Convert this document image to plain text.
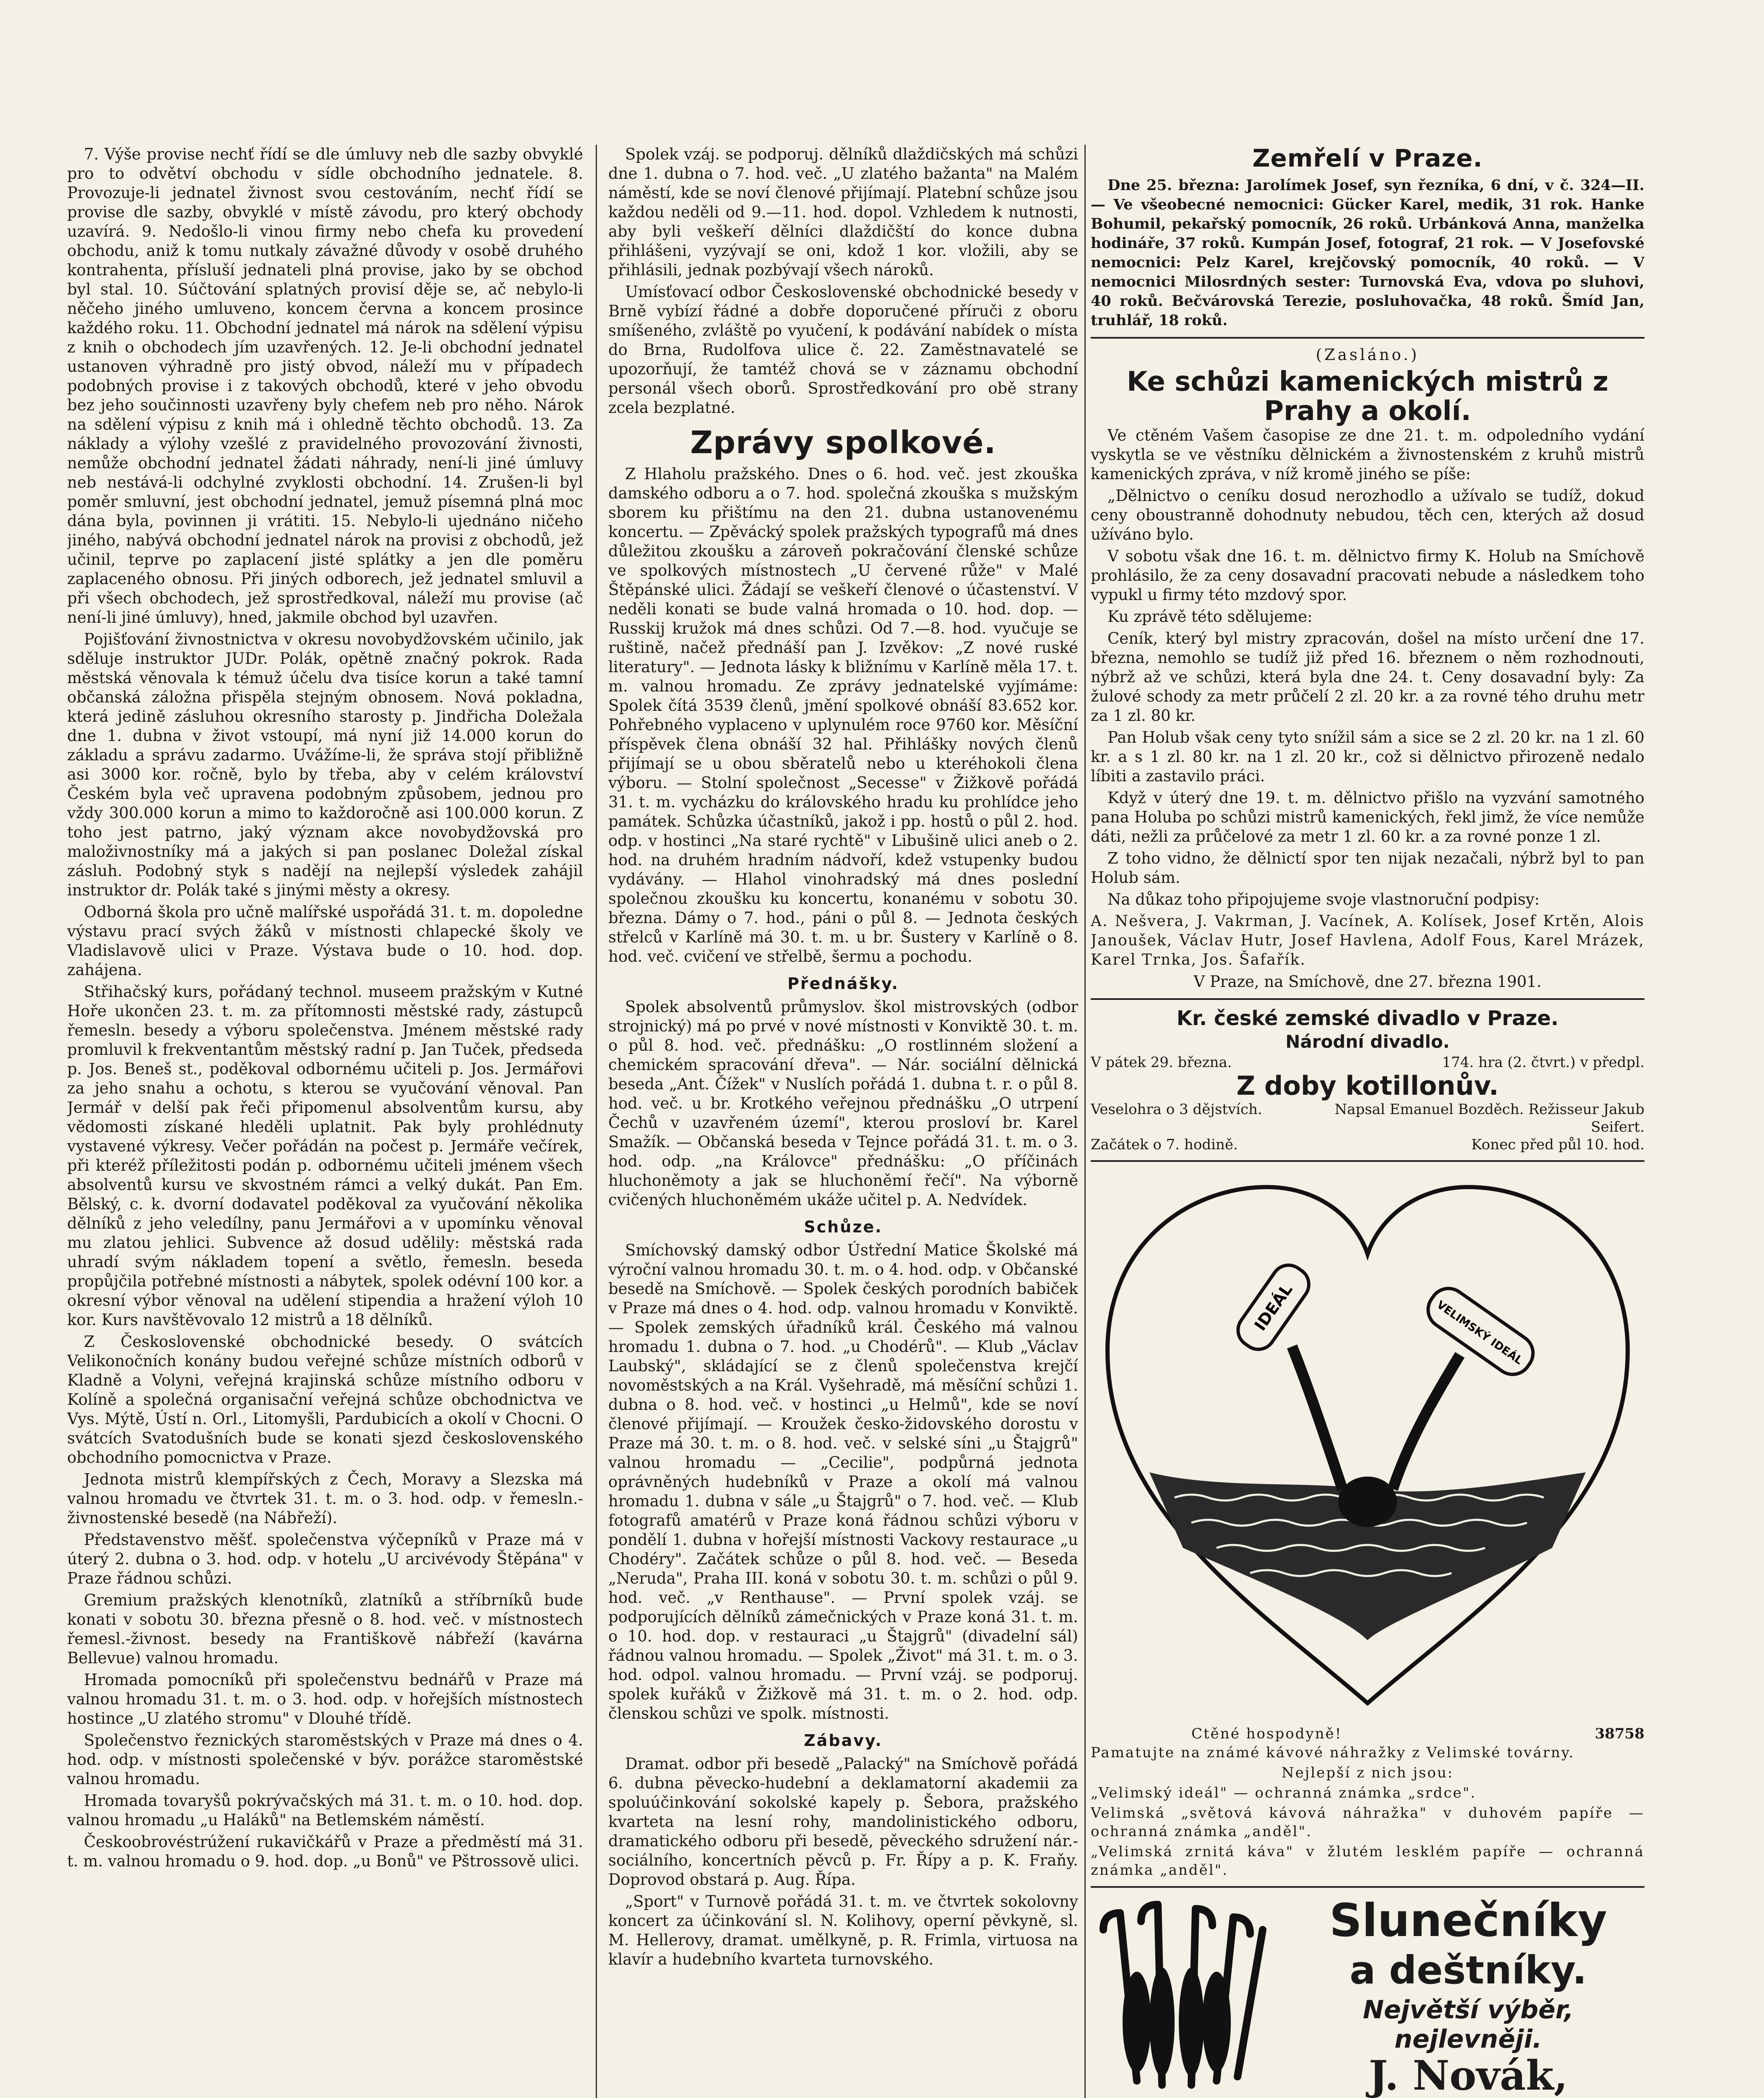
7. Výše provise nechť řídí se dle úmluvy neb dle sazby obvyklé pro to odvětví obchodu v sídle obchodního jednatele. 8. Provozuje-li jednatel živnost svou cestováním, nechť řídí se provise dle sazby, obvyklé v místě závodu, pro který obchody uzavírá. 9. Nedošlo-li vinou firmy nebo chefa ku provedení obchodu, aniž k tomu nutkaly závažné důvody v osobě druhého kontrahenta, přísluší jednateli plná provise, jako by se obchod byl stal. 10. Súčtování splatných provisí děje se, ač nebylo-li něčeho jiného umluveno, koncem června a koncem prosince každého roku. 11. Obchodní jednatel má nárok na sdělení výpisu z knih o obchodech jím uzavřených. 12. Je-li obchodní jednatel ustanoven výhradně pro jistý obvod, náleží mu v případech podobných provise i z takových obchodů, které v jeho obvodu bez jeho součinnosti uzavřeny byly chefem neb pro něho. Nárok na sdělení výpisu z knih má i ohledně těchto obchodů. 13. Za náklady a výlohy vzešlé z pravidelného provozování živnosti, nemůže obchodní jednatel žádati náhrady, není-li jiné úmluvy neb nestává-li odchylné zvyklosti obchodní. 14. Zrušen-li byl poměr smluvní, jest obchodní jednatel, jemuž písemná plná moc dána byla, povinnen ji vrátiti. 15. Nebylo-li ujednáno ničeho jiného, nabývá obchodní jednatel nárok na provisi z obchodů, jež učinil, teprve po zaplacení jisté splátky a jen dle poměru zaplaceného obnosu. Při jiných odborech, jež jednatel smluvil a při všech obchodech, jež sprostředkoval, náleží mu provise (ač není-li jiné úmluvy), hned, jakmile obchod byl uzavřen.

Pojišťování živnostnictva v okresu novobydžovském učinilo, jak sděluje instruktor JUDr. Polák, opětně značný pokrok. Rada městská věnovala k témuž účelu dva tisíce korun a také tamní občanská záložna přispěla stejným obnosem. Nová pokladna, která jedině zásluhou okresního starosty p. Jindřicha Doležala dne 1. dubna v život vstoupí, má nyní již 14.000 korun do základu a správu zadarmo. Uvážíme-li, že správa stojí přibližně asi 3000 kor. ročně, bylo by třeba, aby v celém království Českém byla več upravena podobným způsobem, jednou pro vždy 300.000 korun a mimo to každoročně asi 100.000 korun. Z toho jest patrno, jaký význam akce novobydžovská pro maloživnostníky má a jakých si pan poslanec Doležal získal zásluh. Podobný styk s nadějí na nejlepší výsledek zahájil instruktor dr. Polák také s jinými městy a okresy.

Odborná škola pro učně malířské uspořádá 31. t. m. dopoledne výstavu prací svých žáků v místnosti chlapecké školy ve Vladislavově ulici v Praze. Výstava bude o 10. hod. dop. zahájena.

Střihačský kurs, pořádaný technol. museem pražským v Kutné Hoře ukončen 23. t. m. za přítomnosti městské rady, zástupců řemesln. besedy a výboru společenstva. Jménem městské rady promluvil k frekventantům městský radní p. Jan Tuček, předseda p. Jos. Beneš st., poděkoval odbornému učiteli p. Jos. Jermářovi za jeho snahu a ochotu, s kterou se vyučování věnoval. Pan Jermář v delší pak řeči připomenul absolventům kursu, aby vědomosti získané hleděli uplatnit. Pak byly prohlédnuty vystavené výkresy. Večer pořádán na počest p. Jermáře večírek, při kteréž příležitosti podán p. odbornému učiteli jménem všech absolventů kursu ve skvostném rámci a velký dukát. Pan Em. Bělský, c. k. dvorní dodavatel poděkoval za vyučování několika dělníků z jeho veledílny, panu Jermářovi a v upomínku věnoval mu zlatou jehlici. Subvence až dosud udělily: městská rada uhradí svým nákladem topení a světlo, řemesln. beseda propůjčila potřebné místnosti a nábytek, spolek odévní 100 kor. a okresní výbor věnoval na udělení stipendia a hražení výloh 10 kor. Kurs navštěvovalo 12 mistrů a 18 dělníků.

Z Československé obchodnické besedy. O svátcích Velikonočních konány budou veřejné schůze místních odborů v Kladně a Volyni, veřejná krajinská schůze místního odboru v Kolíně a společná organisační veřejná schůze obchodnictva ve Vys. Mýtě, Ústí n. Orl., Litomyšli, Pardubicích a okolí v Chocni. O svátcích Svatodušních bude se konati sjezd československého obchodního pomocnictva v Praze.

Jednota mistrů klempířských z Čech, Moravy a Slezska má valnou hromadu ve čtvrtek 31. t. m. o 3. hod. odp. v řemesln.-živnostenské besedě (na Nábřeží).

Představenstvo měšť. společenstva výčepníků v Praze má v úterý 2. dubna o 3. hod. odp. v hotelu „U arcivévody Štěpána" v Praze řádnou schůzi.

Gremium pražských klenotníků, zlatníků a stříbrníků bude konati v sobotu 30. března přesně o 8. hod. več. v místnostech řemesl.-živnost. besedy na Františkově nábřeží (kavárna Bellevue) valnou hromadu.

Hromada pomocníků při společenstvu bednářů v Praze má valnou hromadu 31. t. m. o 3. hod. odp. v hořejších místnostech hostince „U zlatého stromu" v Dlouhé třídě.

Společenstvo řeznických staroměstských v Praze má dnes o 4. hod. odp. v místnosti společenské v býv. porážce staroměstské valnou hromadu.

Hromada tovaryšů pokrývačských má 31. t. m. o 10. hod. dop. valnou hromadu „u Haláků" na Betlemském náměstí.

Českoobrovéstrúžení rukavičkářů v Praze a předměstí má 31. t. m. valnou hromadu o 9. hod. dop. „u Bonů" ve Pštrossově ulici.

Spolek vzáj. se podporuj. dělníků dlaždičských má schůzi dne 1. dubna o 7. hod. več. „U zlatého bažanta" na Malém náměstí, kde se noví členové přijímají. Platební schůze jsou každou neděli od 9.—11. hod. dopol. Vzhledem k nutnosti, aby byli veškeří dělníci dlaždičští do konce dubna přihlášeni, vyzývají se oni, kdož 1 kor. vložili, aby se přihlásili, jednak pozbývají všech nároků.

Umísťovací odbor Československé obchodnické besedy v Brně vybízí řádné a dobře doporučené příruči z oboru smíšeného, zvláště po vyučení, k podávání nabídek o místa do Brna, Rudolfova ulice č. 22. Zaměstnavatelé se upozorňují, že tamtéž chová se v záznamu obchodní personál všech oborů. Sprostředkování pro obě strany zcela bezplatné.

Zprávy spolkové.

Z Hlaholu pražského. Dnes o 6. hod. več. jest zkouška damského odboru a o 7. hod. společná zkouška s mužským sborem ku přištímu na den 21. dubna ustanovenému koncertu. — Zpěvácký spolek pražských typografů má dnes důležitou zkoušku a zároveň pokračování členské schůze ve spolkových místnostech „U červené růže" v Malé Štěpánské ulici. Žádají se veškeří členové o účastenství. V neděli konati se bude valná hromada o 10. hod. dop. — Russkij kružok má dnes schůzi. Od 7.—8. hod. vyučuje se ruštině, načež přednáší pan J. Izvěkov: „Z nové ruské literatury". — Jednota lásky k bližnímu v Karlíně měla 17. t. m. valnou hromadu. Ze zprávy jednatelské vyjímáme: Spolek čítá 3539 členů, jmění spolkové obnáší 83.652 kor. Pohřebného vyplaceno v uplynulém roce 9760 kor. Měsíční příspěvek člena obnáší 32 hal. Přihlášky nových členů přijímají se u obou sběratelů nebo u kteréhokoli člena výboru. — Stolní společnost „Secesse" v Žižkově pořádá 31. t. m. vycházku do královského hradu ku prohlídce jeho památek. Schůzka účastníků, jakož i pp. hostů o půl 2. hod. odp. v hostinci „Na staré rychtě" v Libušině ulici aneb o 2. hod. na druhém hradním nádvoří, kdež vstupenky budou vydávány. — Hlahol vinohradský má dnes poslední společnou zkoušku ku koncertu, konanému v sobotu 30. března. Dámy o 7. hod., páni o půl 8. — Jednota českých střelců v Karlíně má 30. t. m. u br. Šustery v Karlíně o 8. hod. več. cvičení ve střelbě, šermu a pochodu.

Přednášky.

Spolek absolventů průmyslov. škol mistrovských (odbor strojnický) má po prvé v nové místnosti v Konviktě 30. t. m. o půl 8. hod. več. přednášku: „O rostlinném složení a chemickém spracování dřeva". — Nár. sociální dělnická beseda „Ant. Čížek" v Nuslích pořádá 1. dubna t. r. o půl 8. hod. več. u br. Krotkého veřejnou přednášku „O utrpení Čechů v uzavřeném území", kterou prosloví br. Karel Smažík. — Občanská beseda v Tejnce pořádá 31. t. m. o 3. hod. odp. „na Královce" přednášku: „O příčinách hluchoněmoty a jak se hluchoněmí řečí". Na výborně cvičených hluchoněmém ukáže učitel p. A. Nedvídek.

Schůze.

Smíchovský damský odbor Ústřední Matice Školské má výroční valnou hromadu 30. t. m. o 4. hod. odp. v Občanské besedě na Smíchově. — Spolek českých porodních babiček v Praze má dnes o 4. hod. odp. valnou hromadu v Konviktě. — Spolek zemských úřadníků král. Českého má valnou hromadu 1. dubna o 7. hod. „u Chodérů". — Klub „Václav Laubský", skládající se z členů společenstva krejčí novoměstských a na Král. Vyšehradě, má měsíční schůzi 1. dubna o 8. hod. več. v hostinci „u Helmů", kde se noví členové přijímají. — Kroužek česko-židovského dorostu v Praze má 30. t. m. o 8. hod. več. v selské síni „u Štajgrů" valnou hromadu — „Cecilie", podpůrná jednota oprávněných hudebníků v Praze a okolí má valnou hromadu 1. dubna v sále „u Štajgrů" o 7. hod. več. — Klub fotografů amatérů v Praze koná řádnou schůzi výboru v pondělí 1. dubna v hořejší místnosti Vackovy restaurace „u Chodéry". Začátek schůze o půl 8. hod. več. — Beseda „Neruda", Praha III. koná v sobotu 30. t. m. schůzi o půl 9. hod. več. „v Renthause". — První spolek vzáj. se podporujících dělníků zámečnických v Praze koná 31. t. m. o 10. hod. dop. v restauraci „u Štajgrů" (divadelní sál) řádnou valnou hromadu. — Spolek „Život" má 31. t. m. o 3. hod. odpol. valnou hromadu. — První vzáj. se podporuj. spolek kuřáků v Žižkově má 31. t. m. o 2. hod. odp. členskou schůzi ve spolk. místnosti.

Zábavy.

Dramat. odbor při besedě „Palacký" na Smíchově pořádá 6. dubna pěvecko-hudební a deklamatorní akademii za spoluúčinkování sokolské kapely p. Šebora, pražského kvarteta na lesní rohy, mandolinistického odboru, dramatického odboru při besedě, pěveckého sdružení nár.-sociálního, koncertních pěvců p. Fr. Řípy a p. K. Fraňy. Doprovod obstará p. Aug. Řípa.

„Sport" v Turnově pořádá 31. t. m. ve čtvrtek sokolovny koncert za účinkování sl. N. Kolihovy, operní pěvkyně, sl. M. Hellerovy, dramat. umělkyně, p. R. Frimla, virtuosa na klavír a hudebního kvarteta turnovského.

Zemřelí v Praze.

Dne 25. března: Jarolímek Josef, syn řezníka, 6 dní, v č. 324—II. — Ve všeobecné nemocnici: Gücker Karel, medik, 31 rok. Hanke Bohumil, pekařský pomocník, 26 roků. Urbánková Anna, manželka hodináře, 37 roků. Kumpán Josef, fotograf, 21 rok. — V Josefovské nemocnici: Pelz Karel, krejčovský pomocník, 40 roků. — V nemocnici Milosrdných sester: Turnovská Eva, vdova po sluhovi, 40 roků. Bečvárovská Terezie, posluhovačka, 48 roků. Šmíd Jan, truhlář, 18 roků.

(Zasláno.)

Ke schůzi kamenických mistrů z Prahy a okolí.

Ve ctěném Vašem časopise ze dne 21. t. m. odpoledního vydání vyskytla se ve věstníku dělnickém a živnostenském z kruhů mistrů kamenických zpráva, v níž kromě jiného se píše:

„Dělnictvo o ceníku dosud nerozhodlo a užívalo se tudíž, dokud ceny oboustranně dohodnuty nebudou, těch cen, kterých až dosud užíváno bylo.

V sobotu však dne 16. t. m. dělnictvo firmy K. Holub na Smíchově prohlásilo, že za ceny dosavadní pracovati nebude a následkem toho vypukl u firmy této mzdový spor.

Ku zprávě této sdělujeme:

Ceník, který byl mistry zpracován, došel na místo určení dne 17. března, nemohlo se tudíž již před 16. březnem o něm rozhodnouti, nýbrž až ve schůzi, která byla dne 24. t. Ceny dosavadní byly: Za žulové schody za metr průčelí 2 zl. 20 kr. a za rovné tého druhu metr za 1 zl. 80 kr.

Pan Holub však ceny tyto snížil sám a sice se 2 zl. 20 kr. na 1 zl. 60 kr. a s 1 zl. 80 kr. na 1 zl. 20 kr., což si dělnictvo přirozeně nedalo líbiti a zastavilo práci.

Když v úterý dne 19. t. m. dělnictvo přišlo na vyzvání samotného pana Holuba po schůzi mistrů kamenických, řekl jimž, že více nemůže dáti, nežli za průčelové za metr 1 zl. 60 kr. a za rovné ponze 1 zl.

Z toho vidno, že dělnictí spor ten nijak nezačali, nýbrž byl to pan Holub sám.

Na důkaz toho připojujeme svoje vlastnoruční podpisy:

A. Nešvera, J. Vakrman, J. Vacínek, A. Kolísek, Josef Krtěn, Alois Janoušek, Václav Hutr, Josef Havlena, Adolf Fous, Karel Mrázek, Karel Trnka, Jos. Šafařík.

V Praze, na Smíchově, dne 27. března 1901.

Kr. české zemské divadlo v Praze.
Národní divadlo.
V pátek 29. března.	174. hra (2. čtvrt.) v předpl.
Z doby kotillonův.
Veselohra o 3 dějstvích.	Napsal Emanuel Bozděch. Režisseur Jakub Seifert.
Začátek o 7. hodině.	Konec před půl 10. hod.
IDEÁL	VELIMSKÝ IDEÁL
Ctěné hospodyně!	38758

Pamatujte na známé kávové náhražky z Velimské továrny.

Nejlepší z nich jsou:

„Velimský ideál" — ochranná známka „srdce".

Velimská „světová kávová náhražka" v duhovém papíře — ochranná známka „anděl".

„Velimská zrnitá káva" v žlutém lesklém papíře — ochranná známka „anděl".

Slunečníky
a deštníky.
Největší výběr,
nejlevněji.
J. Novák,
